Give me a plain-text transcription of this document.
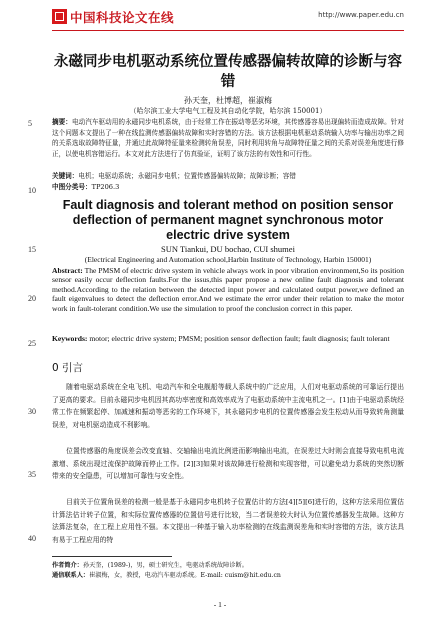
中国科技论文在线	http://www.paper.edu.cn
5
10
15
20
25
30
35
40
永磁同步电机驱动系统位置传感器偏转故障的诊断与容错
孙天奎，杜博超，崔淑梅
（哈尔滨工业大学电气工程及其自动化学院，哈尔滨 150001）
摘要：电动汽车驱动用的永磁同步电机系统，由于经常工作在振动等恶劣环境，其传感器容易出现偏转而造成故障。针对这个问题本文提出了一种在线监测传感器偏转故障和实时容错的方法。该方法根据电机驱动系统输入功率与输出功率之间的关系选取故障特征量，并通过此故障特征量来检测转角误差，同时利用转角与故障特征量之间的关系对误差角度进行修正，以使电机容错运行。本文对此方法进行了仿真验证，证明了该方法的有效性和可行性。
关键词：电机；电驱动系统；永磁同步电机；位置传感器偏转故障；故障诊断；容错
中图分类号：TP206.3
Fault diagnosis and tolerant method on position sensor deflection of permanent magnet synchronous motor electric drive system
SUN Tiankui, DU bochao, CUI shumei
(Electrical Engineering and Automation school,Harbin Institute of Technology, Harbin 150001)
Abstract: The PMSM of electric drive system in vehicle always work in poor vibration environment,So its position sensor easily occur deflection faults.For the issus,this paper propose a new online fault diagnosis and tolerant method.According to the relation between the detected input power and calculated output power,we defined an fault eigenvalues to detect the deflection error.And we estimate the error under their relation to make the motor work in fault-tolerant condition.We use the simulation to proof the conclusion correct in this paper.
Keywords: motor; electric drive system; PMSM; position sensor deflection fault; fault diagnosis; fault tolerant
0 引言
随着电驱动系统在全电飞机、电动汽车和全电舰船等载人系统中的广泛应用，人们对电驱动系统的可靠运行提出了更高的要求。目前永磁同步电机因其高功率密度和高效率成为了电驱动系统中主流电机之一。[1]由于电驱动系统经常工作在频繁起停、加减速和振动等恶劣的工作环境下，其永磁同步电机的位置传感器会发生松动从而导致转角测量误差，对电机驱动造成不利影响。
位置传感器的角度误差会改变直轴、交轴输出电流比例进而影响输出电流，在误差过大时则会直接导致电机电流激增、系统出现过流保护故障而停止工作。[2][3]如果对该故障进行检测和实现容错，可以避免动力系统的突然切断带来的安全隐患，可以增加可靠性与安全性。
目前关于位置角误差的检测一般是基于永磁同步电机转子位置估计的方法[4][5][6]进行的，这种方法采用位置估计算法估计转子位置，和实际位置传感器的位置信号进行比较，当二者误差较大时认为位置传感器发生故障。这种方法算法复杂，在工程上应用性不强。本文提出一种基于输入功率检测的在线监测误差角和实时容错的方法，该方法具有易于工程应用的特
作者简介：孙天奎，(1989-)，男，硕士研究生，电驱动系统故障诊断。
通信联系人：崔淑梅，女，教授，电动汽车驱动系统。E-mail: cuism@hit.edu.cn
- 1 -
